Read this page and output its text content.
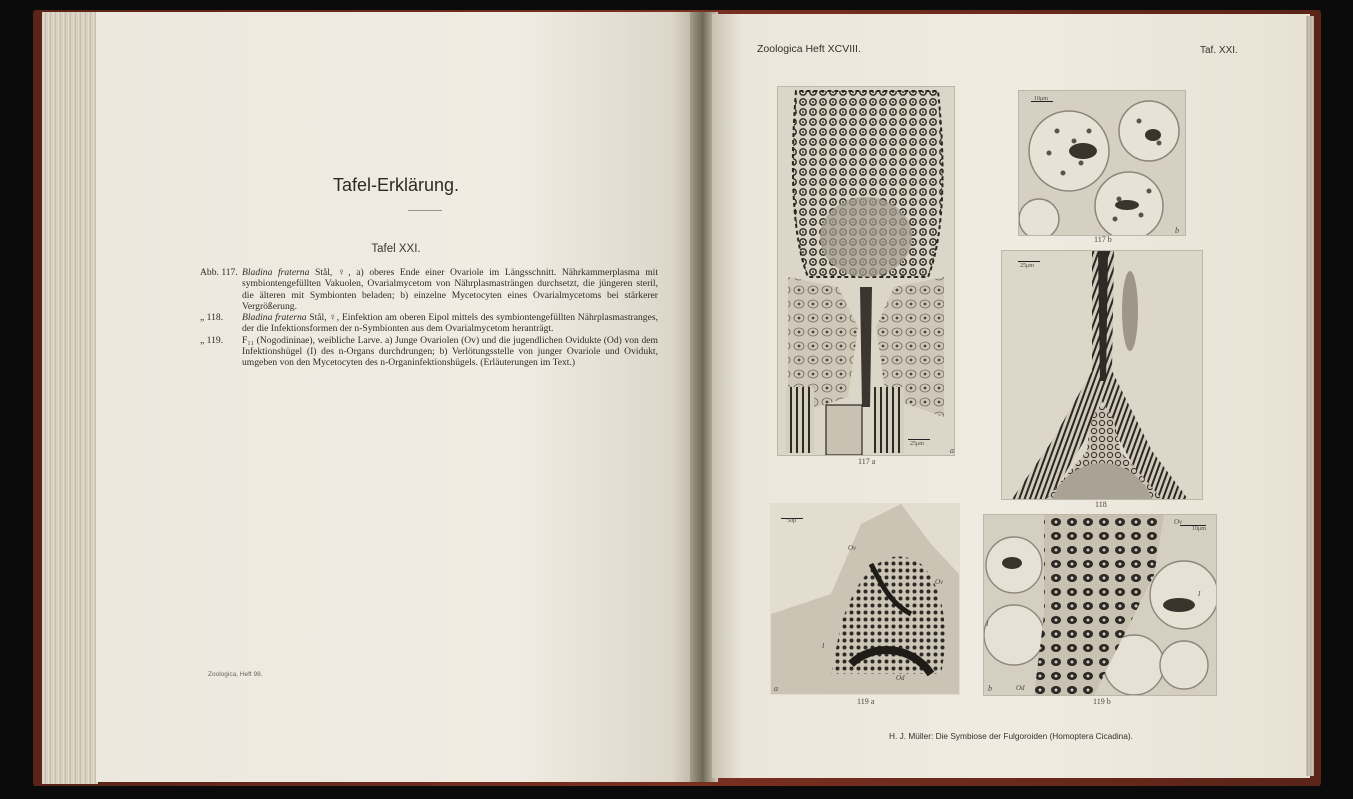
Tafel-Erklärung.
Tafel XXI.
Abb. 117. Bladina fraterna Stål, ♀, a) oberes Ende einer Ovariole im Längsschnitt. Nährkammerplasma mit symbiontengefüllten Vakuolen, Ovarialmycetom von Nährplasmasträngen durchsetzt, die jüngeren steril, die älteren mit Symbionten beladen; b) einzelne Mycetocyten eines Ovarialmycetoms bei stärkerer Vergrößerung.
„ 118.	Bladina fraterna Stål, ♀, Einfektion am oberen Eipol mittels des symbiontengefüllten Nährplasmastranges, der die Infektionsformen der n-Symbionten aus dem Ovarialmycetom heranträgt.
„ 119.	F₁₁ (Nogodininae), weibliche Larve. a) Junge Ovariolen (Ov) und die jugendlichen Ovidukte (Od) von dem Infektionshügel (I) des n-Organs durchdrungen; b) Verlötungsstelle von junger Ovariole und Ovidukt, umgeben von den Mycetocyten des n-Organinfektionshügels. (Erläuterungen im Text.)
Zoologica, Heft 98.
Zoologica Heft XCVIII.	Taf. XXI.
25μm
a
117 a
10μm
b
117 b
25μm
118
50μ
Ov
Ov
Od
I
a
119 a
10μm
Ov
Od
I
I
b
119 b
H. J. Müller: Die Symbiose der Fulgoroiden (Homoptera Cicadina).
